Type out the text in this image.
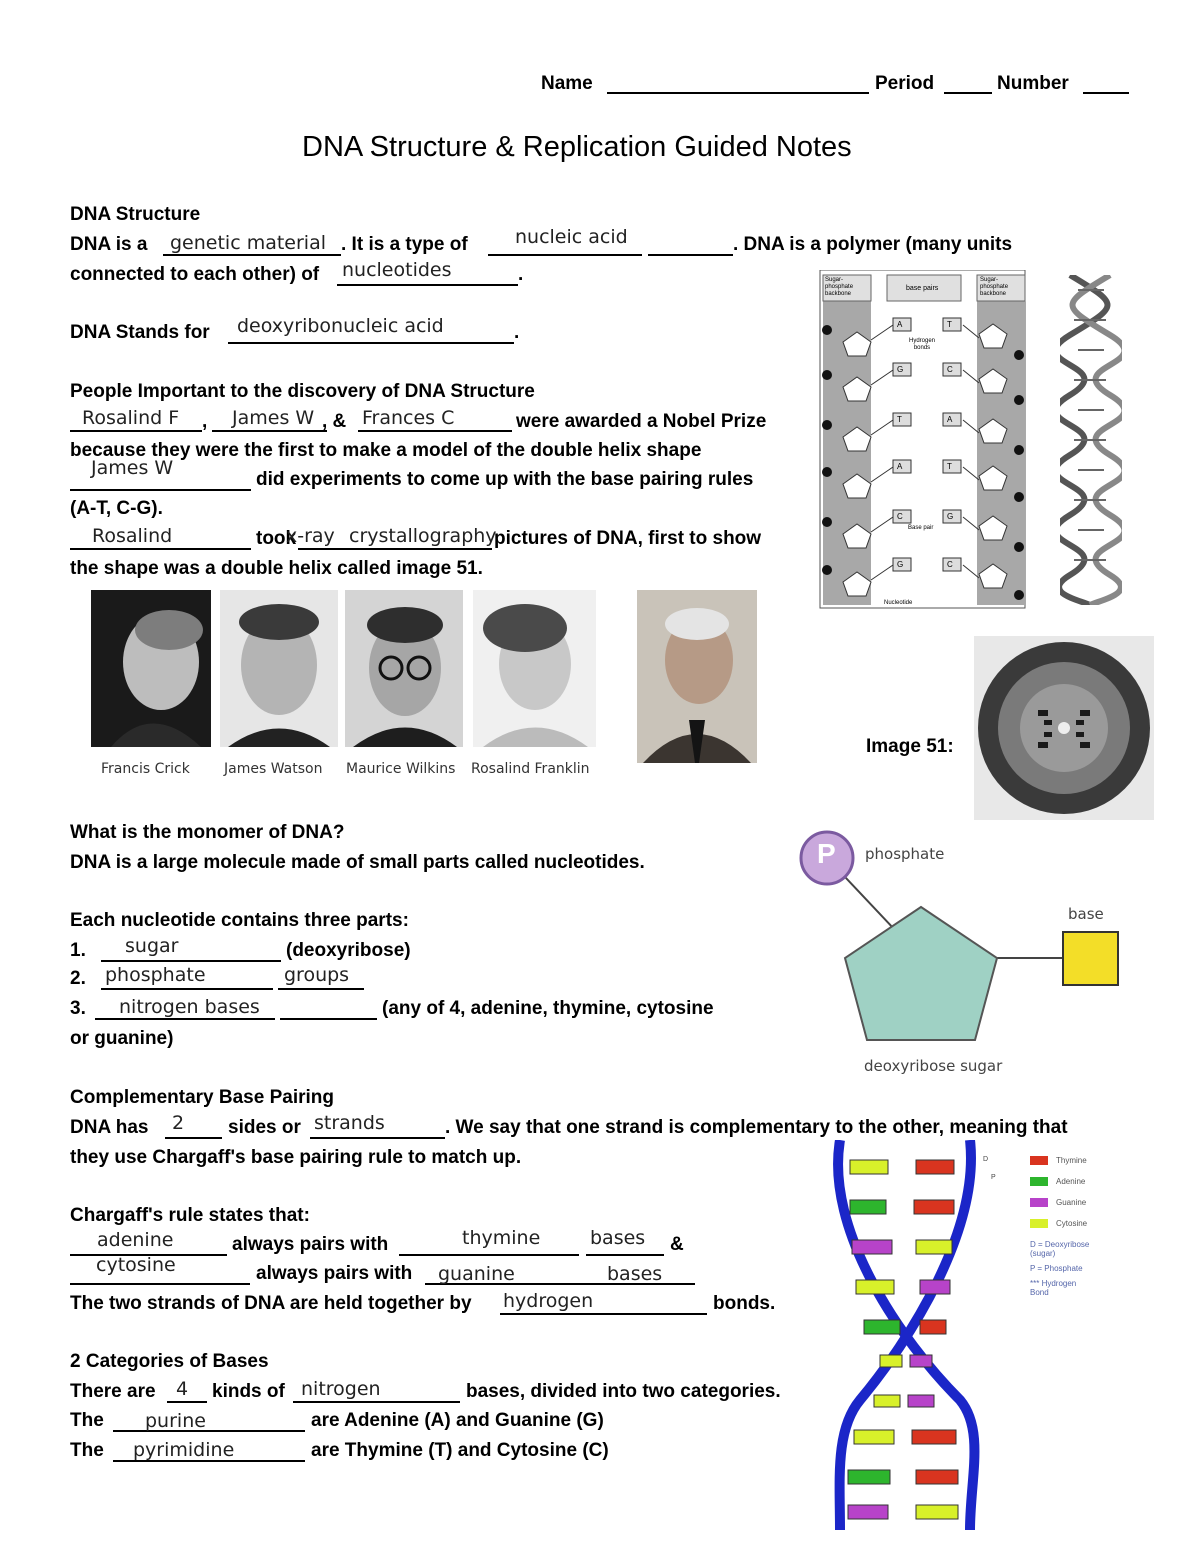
Name	Period	Number
DNA Structure & Replication Guided Notes
DNA Structure
DNA is a genetic material . It is a type of nucleic acid	. DNA is a polymer (many units
connected to each other) of nucleotides	.
DNA Stands for deoxyribonucleic acid	.
People Important to the discovery of DNA Structure
Rosalind F , James W , & Frances C	were awarded a Nobel Prize
because they were the first to make a model of the double helix shape
James W
did experiments to come up with the base pairing rules
(A-T, C-G).
Rosalind	took
x-ray crystallography
pictures of DNA, first to show
the shape was a double helix called image 51.
Francis Crick James Watson Maurice Wilkins Rosalind Franklin
Sugar-phosphate backbone
base pairs
Sugar-phosphate backbone
A	T
G	C
T	A
A	T
C	G
G	C
Hydrogen bonds
Base pair
Nucleotide
Image 51:
What is the monomer of DNA?
DNA is a large molecule made of small parts called nucleotides.
Each nucleotide contains three parts:
1. sugar	(deoxyribose)
2. phosphate	groups
3. nitrogen bases	(any of 4, adenine, thymine, cytosine
or guanine)
P phosphate
base
deoxyribose sugar
Complementary Base Pairing
DNA has 2 sides or strands	. We say that one strand is complementary to the other, meaning that
they use Chargaff's base pairing rule to match up.
Chargaff's rule states that:
adenine	always pairs with	thymine	bases &
cytosine	always pairs with guanine	bases
The two strands of DNA are held together by hydrogen	bonds.
2 Categories of Bases
There are 4 kinds of nitrogen	bases, divided into two categories.
The purine	are Adenine (A) and Guanine (G)
The pyrimidine	are Thymine (T) and Cytosine (C)
D
P
Thymine
Adenine
Guanine
Cytosine
D = Deoxyribose (sugar)
P = Phosphate
*** Hydrogen Bond
